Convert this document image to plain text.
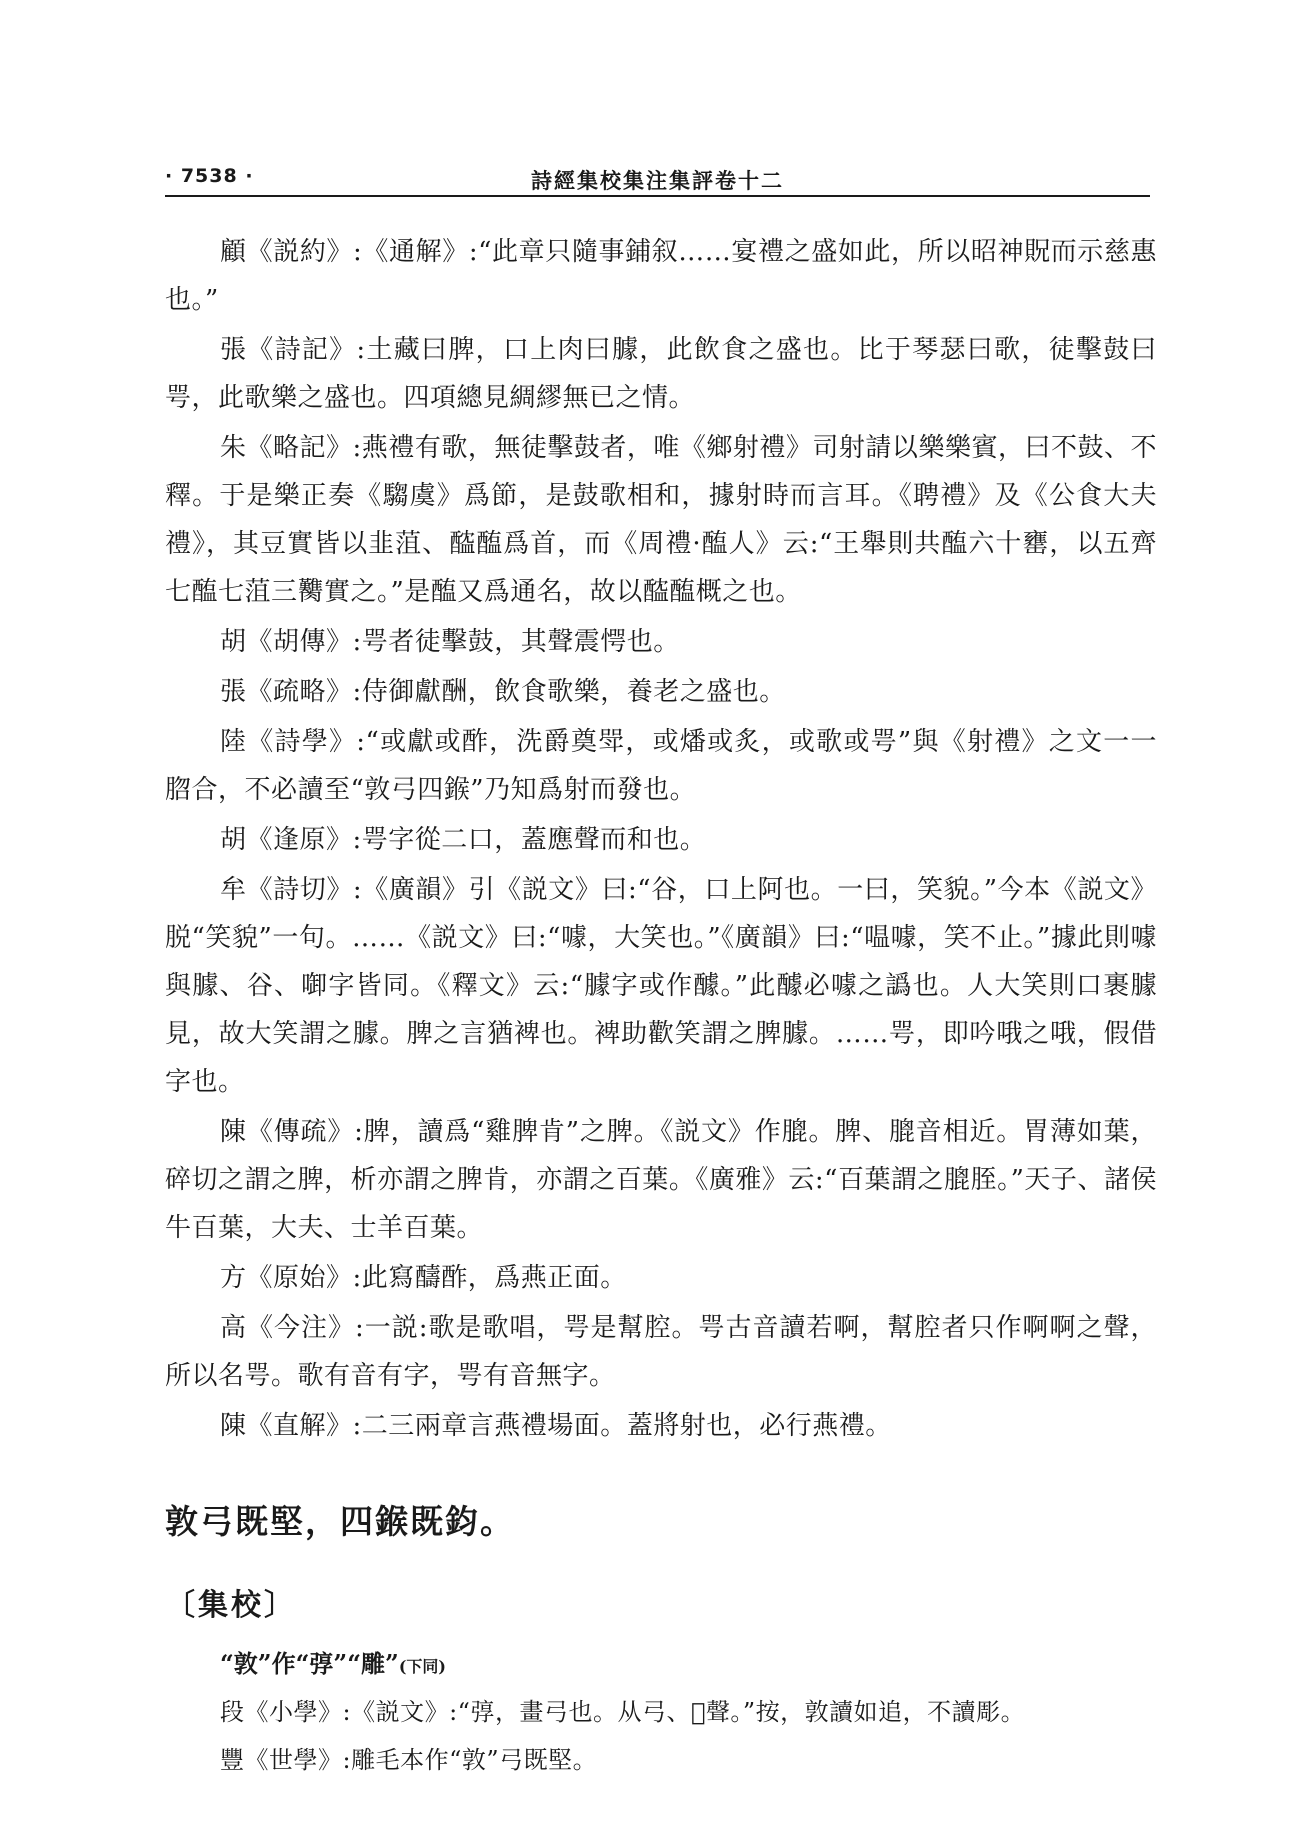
· 7538 ·	詩經集校集注集評卷十二

顧《説約》:《通解》:“此章只隨事鋪叙……宴禮之盛如此，所以昭神貺而示慈惠也。”

張《詩記》:土藏曰脾，口上肉曰臄，此飲食之盛也。比于琴瑟曰歌，徒擊鼓曰咢，此歌樂之盛也。四項總見綢繆無已之情。

朱《略記》:燕禮有歌，無徒擊鼓者，唯《鄉射禮》司射請以樂樂賓，曰不鼓、不釋。于是樂正奏《騶虞》爲節，是鼓歌相和，據射時而言耳。《聘禮》及《公食大夫禮》，其豆實皆以韭菹、醓醢爲首，而《周禮·醢人》云:“王舉則共醢六十罋，以五齊七醢七菹三臡實之。”是醢又爲通名，故以醓醢概之也。

胡《胡傳》:咢者徒擊鼓，其聲震愕也。

張《疏略》:侍御獻酬，飲食歌樂，養老之盛也。

陸《詩學》:“或獻或酢，洗爵奠斝，或燔或炙，或歌或咢”與《射禮》之文一一脗合，不必讀至“敦弓四鍭”乃知爲射而發也。

胡《逢原》:咢字從二口，蓋應聲而和也。

牟《詩切》:《廣韻》引《説文》曰:“谷，口上阿也。一曰，笑貌。”今本《説文》脱“笑貌”一句。……《説文》曰:“噱，大笑也。”《廣韻》曰:“嗢噱，笑不止。”據此則噱與臄、谷、啣字皆同。《釋文》云:“臄字或作醵。”此醵必噱之譌也。人大笑則口裹臄見，故大笑謂之臄。脾之言猶裨也。裨助歡笑謂之脾臄。……咢，即吟哦之哦，假借字也。

陳《傳疏》:脾，讀爲“雞脾肯”之脾。《説文》作膍。脾、膍音相近。胃薄如葉，碎切之謂之脾，析亦謂之脾肯，亦謂之百葉。《廣雅》云:“百葉謂之膍胵。”天子、諸侯牛百葉，大夫、士羊百葉。

方《原始》:此寫醻酢，爲燕正面。

高《今注》:一説:歌是歌唱，咢是幫腔。咢古音讀若啊，幫腔者只作啊啊之聲，所以名咢。歌有音有字，咢有音無字。

陳《直解》:二三兩章言燕禮場面。蓋將射也，必行燕禮。

敦弓既堅，四鍭既鈞。
〔集校〕

“敦”作“弴”“雕”(下同)

段《小學》:《説文》:“弴，畫弓也。从弓、𦎫聲。”按，敦讀如追，不讀彫。

豐《世學》:雕毛本作“敦”弓既堅。
